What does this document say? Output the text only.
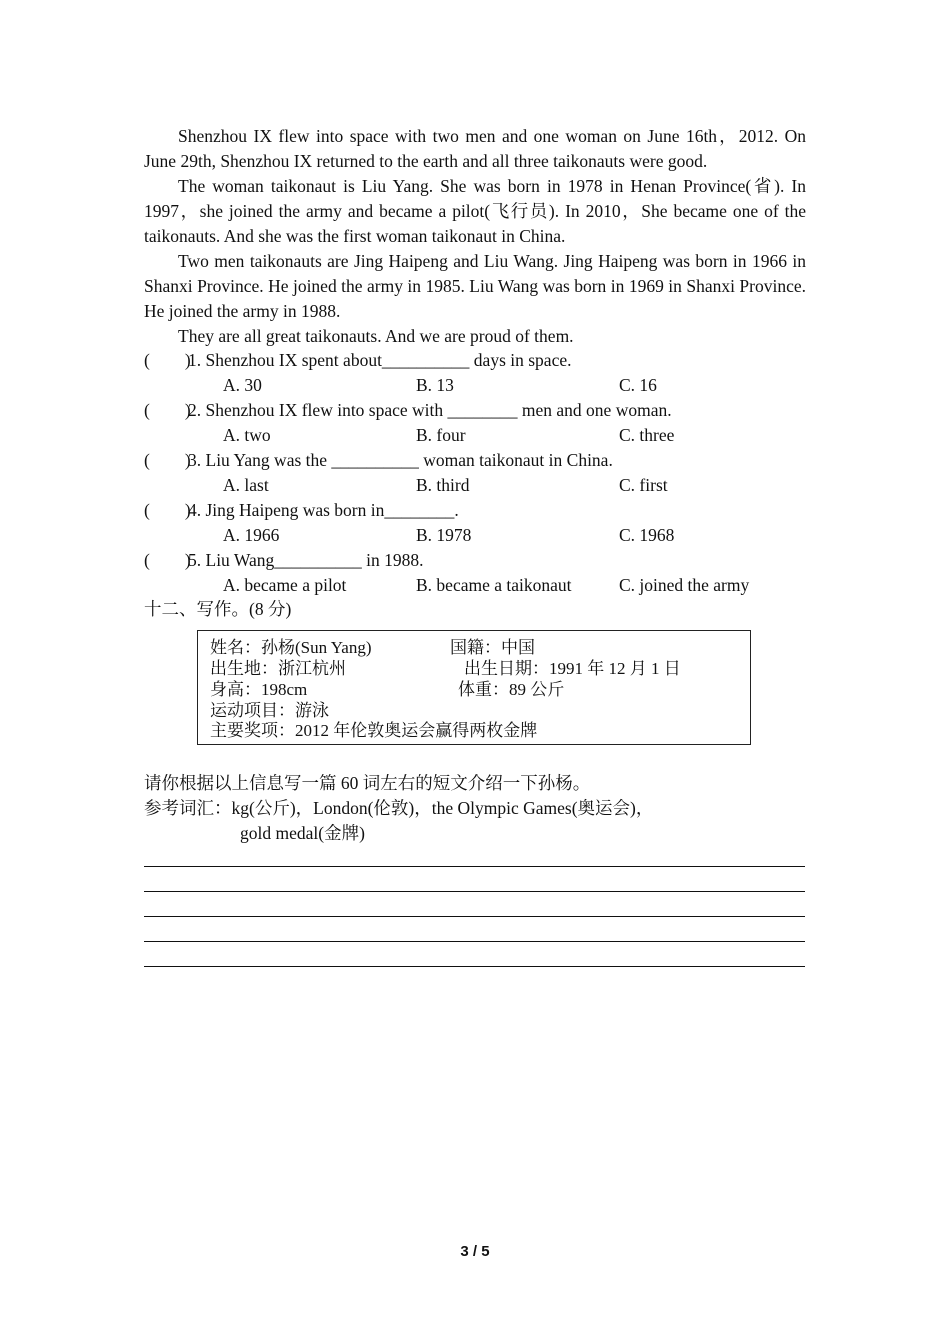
Shenzhou IX flew into space with two men and one woman on June 16th，2012. On June 29th, Shenzhou IX returned to the earth and all three taikonauts were good.

The woman taikonaut is Liu Yang. She was born in 1978 in Henan Province(省). In 1997，she joined the army and became a pilot(飞行员). In 2010，She became one of the taikonauts. And she was the first woman taikonaut in China.

Two men taikonauts are Jing Haipeng and Liu Wang. Jing Haipeng was born in 1966 in Shanxi Province. He joined the army in 1985. Liu Wang was born in 1969 in Shanxi Province. He joined the army in 1988.

They are all great taikonauts. And we are proud of them.

(　　)
1. Shenzhou IX spent about__________ days in space.
A. 30	B. 13	C. 16
(　　)
2. Shenzhou IX flew into space with ________ men and one woman.
A. two	B. four	C. three
(　　)
3. Liu Yang was the __________ woman taikonaut in China.
A. last	B. third	C. first
(　　)
4. Jing Haipeng was born in________.
A. 1966	B. 1978	C. 1968
(　　)
5. Liu Wang__________ in 1988.
A. became a pilot	B. became a taikonaut	C. joined the army
十二、写作。(8 分)
姓名：孙杨(Sun Yang)	国籍：中国
出生地：浙江杭州	出生日期：1991 年 12 月 1 日
身高：198cm	体重：89 公斤
运动项目：游泳
主要奖项：2012 年伦敦奥运会赢得两枚金牌
请你根据以上信息写一篇 60 词左右的短文介绍一下孙杨。
参考词汇：kg(公斤)，London(伦敦)，the Olympic Games(奥运会)，
gold medal(金牌)
3 / 5
